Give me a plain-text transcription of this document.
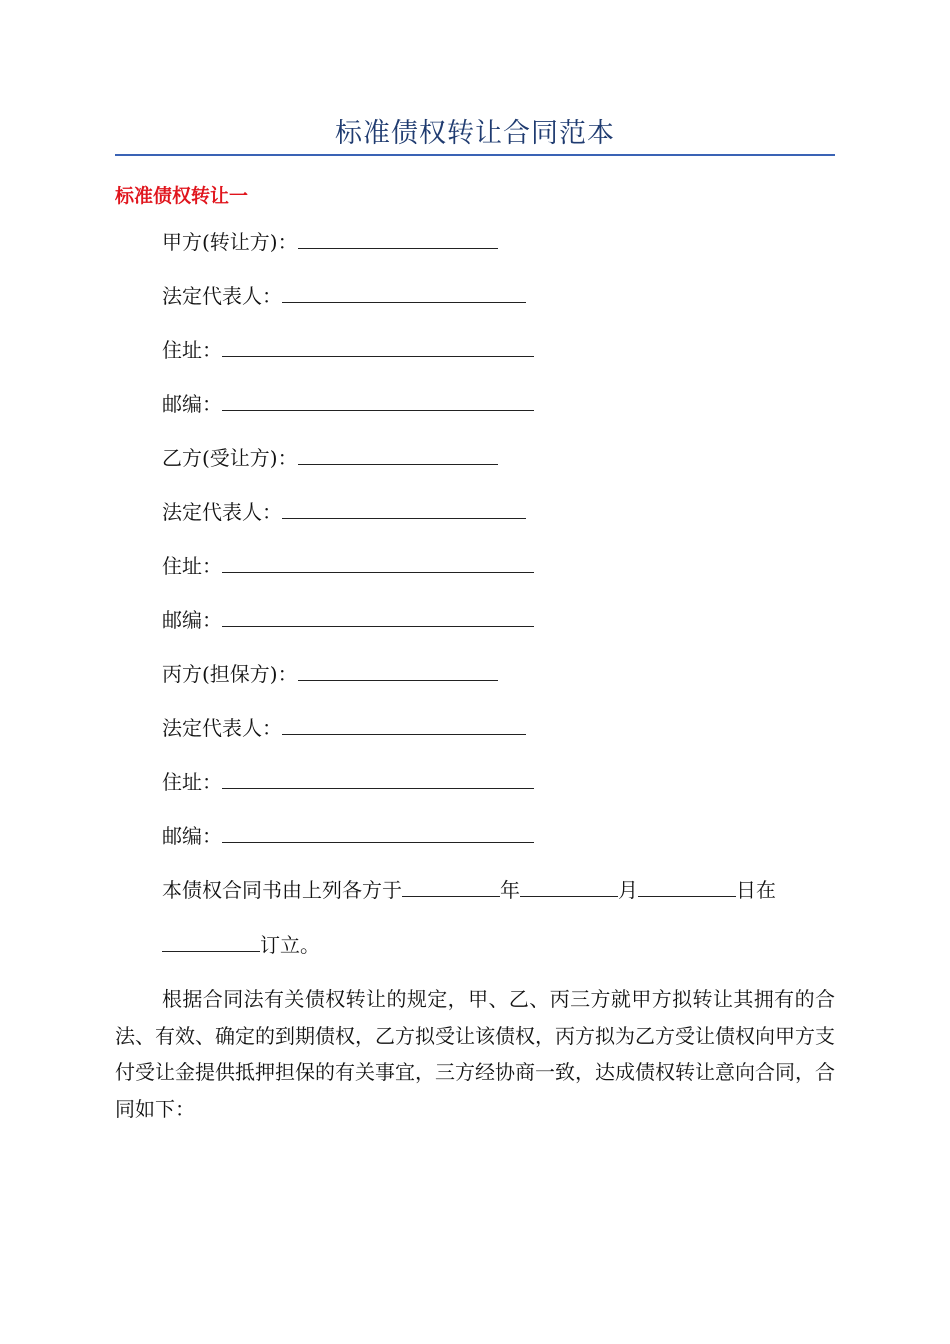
标准债权转让合同范本
标准债权转让一
甲方(转让方)：
法定代表人：
住址：
邮编：
乙方(受让方)：
法定代表人：
住址：
邮编：
丙方(担保方)：
法定代表人：
住址：
邮编：
本债权合同书由上列各方于	年	月	日在
订立。
根据合同法有关债权转让的规定，甲、乙、丙三方就甲方拟转让其拥有的合法、有效、确定的到期债权，乙方拟受让该债权，丙方拟为乙方受让债权向甲方支付受让金提供抵押担保的有关事宜，三方经协商一致，达成债权转让意向合同，合同如下：
